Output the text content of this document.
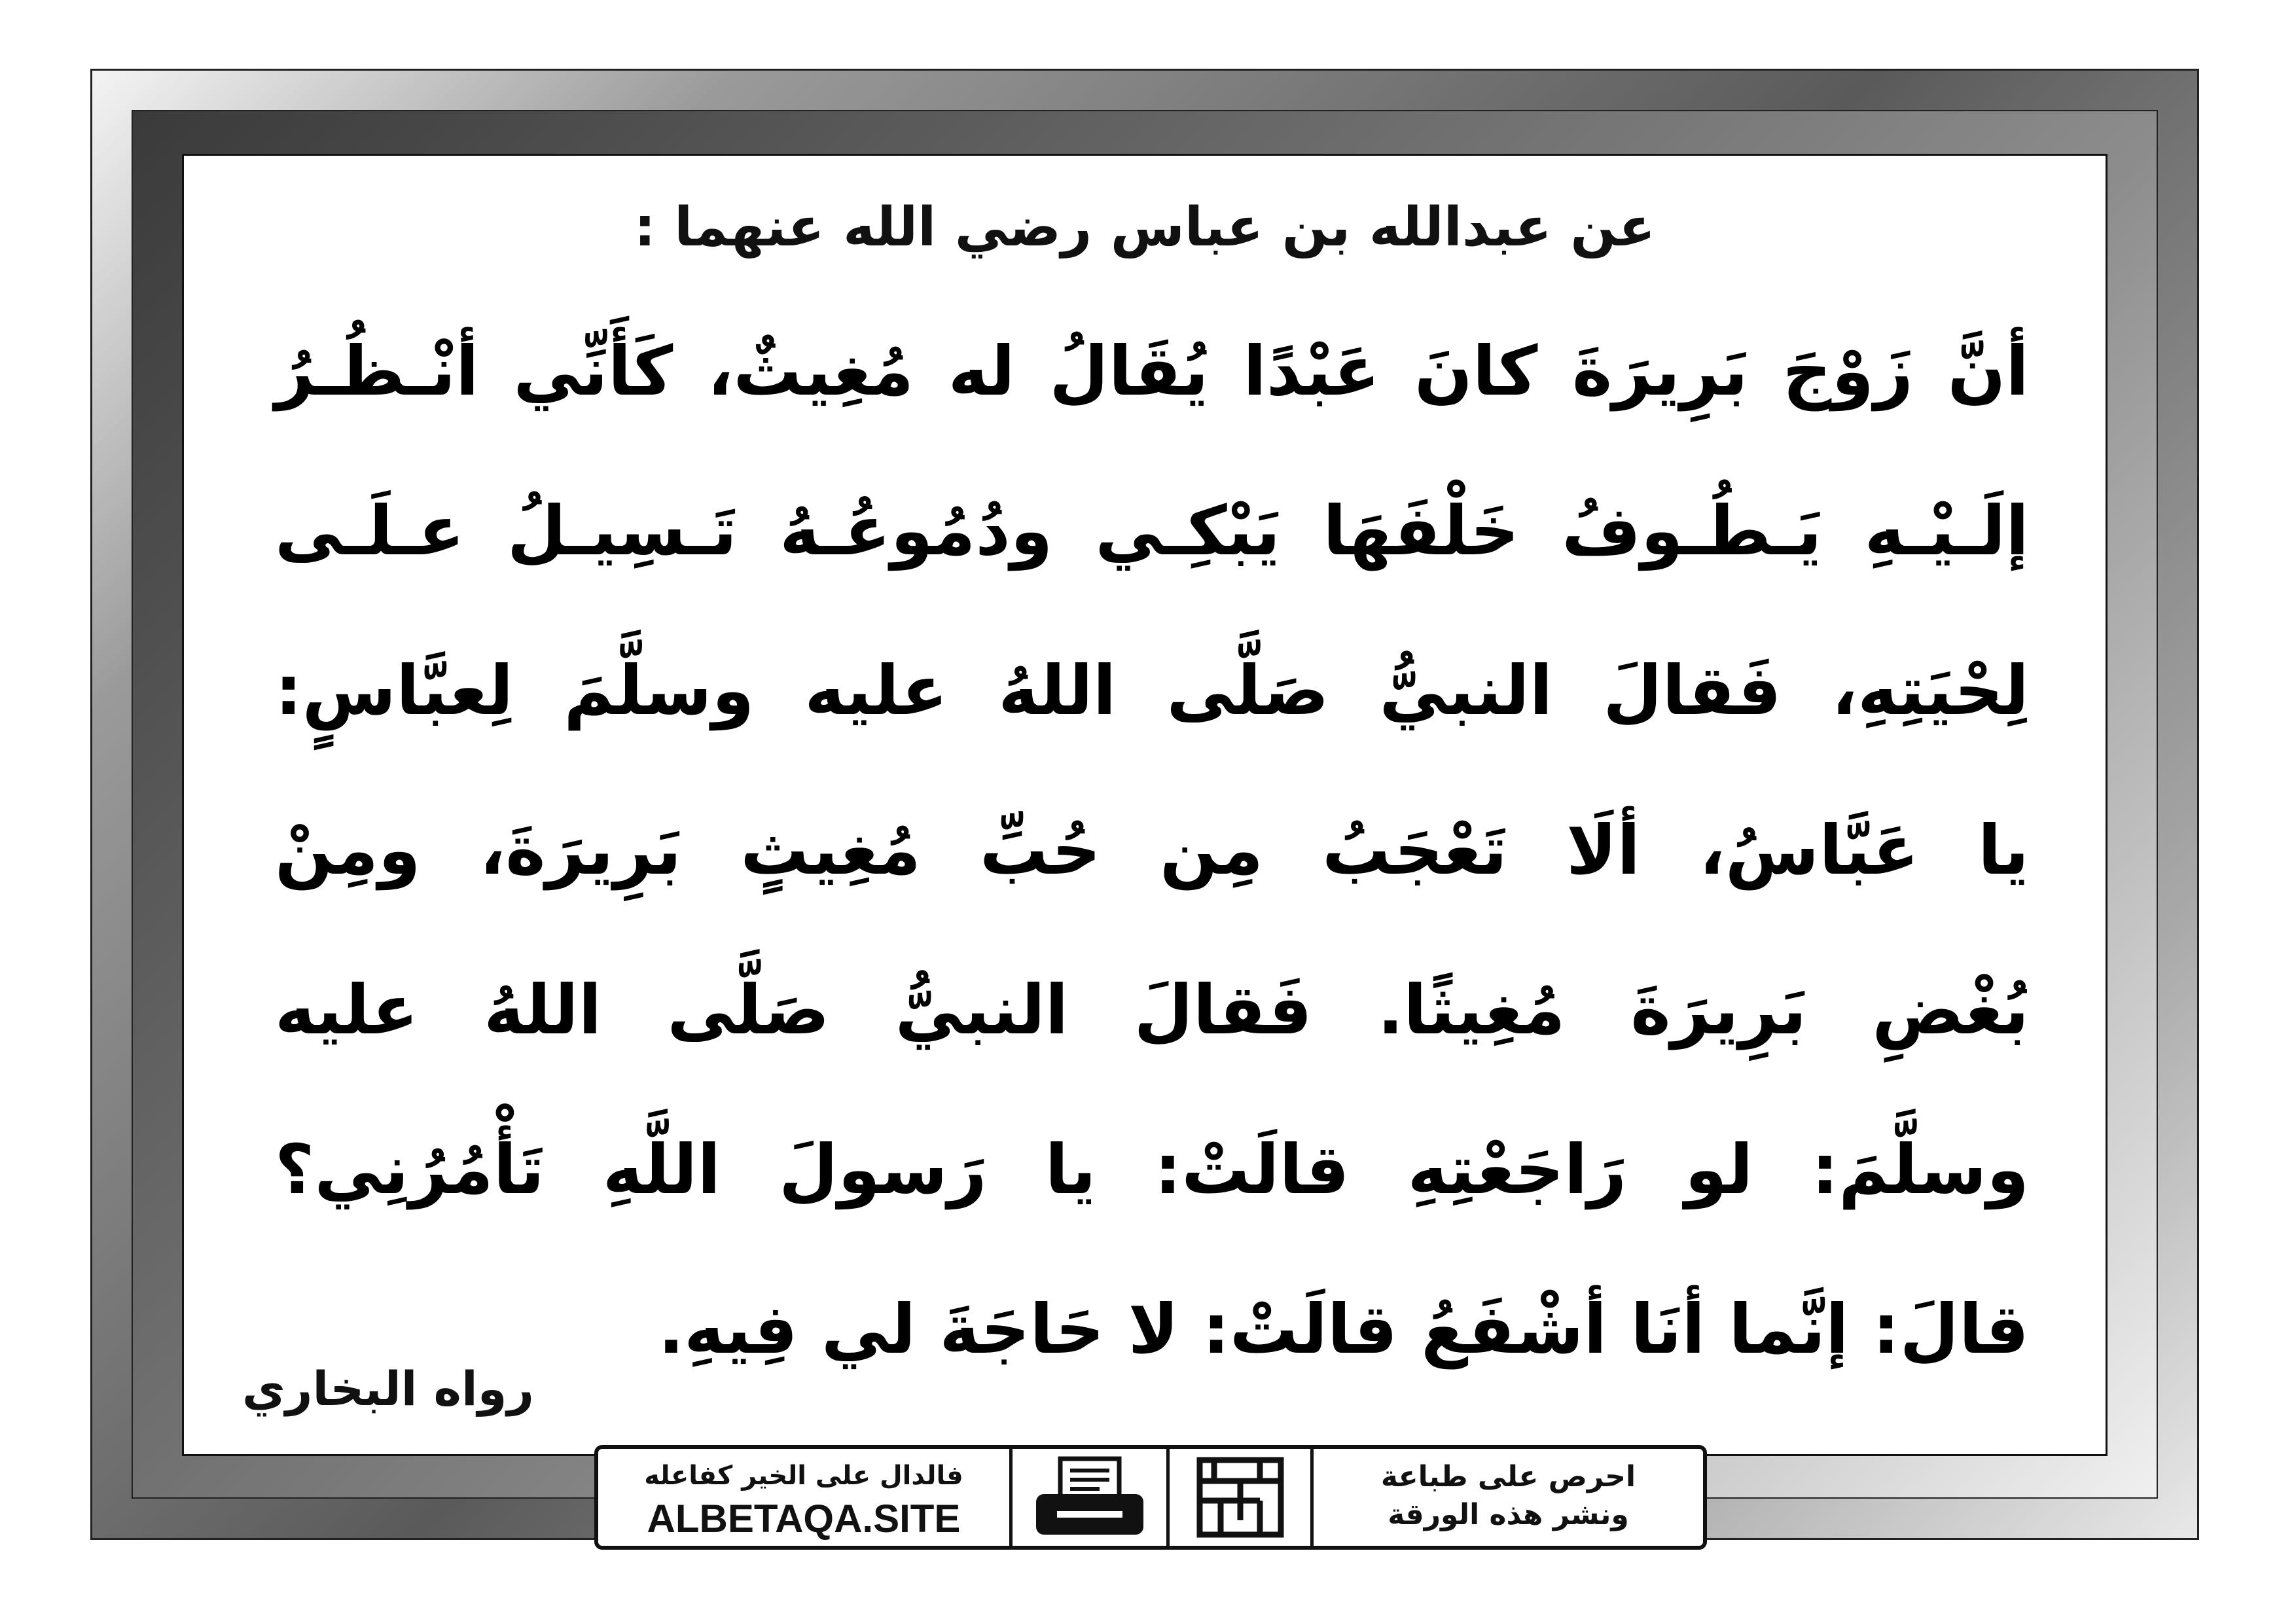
عن عبدالله بن عباس رضي الله عنهما :
أنَّ زَوْجَ بَرِيرَةَ كانَ عَبْدًا يُقَالُ له مُغِيثٌ، كَأَنِّي أنْـظُـرُ
إلَـيْـهِ يَـطُـوفُ خَلْفَهَا يَبْكِـي ودُمُوعُـهُ تَـسِيـلُ عـلَـى
لِحْيَتِهِ، فَقالَ النبيُّ صَلَّى اللهُ عليه وسلَّمَ لِعبَّاسٍ:
يا عَبَّاسُ، ألَا تَعْجَبُ مِن حُبِّ مُغِيثٍ بَرِيرَةَ، ومِنْ
بُغْضِ بَرِيرَةَ مُغِيثًا. فَقالَ النبيُّ صَلَّى اللهُ عليه
وسلَّمَ: لو رَاجَعْتِهِ قالَتْ: يا رَسولَ اللَّهِ تَأْمُرُنِي؟
قالَ: إنَّما أنَا أشْفَعُ قالَتْ: لا حَاجَةَ لي فِيهِ.
رواه البخاري
احرص على طباعة
ونشر هذه الورقة
دعوة الورقة
فالدال على الخير كفاعله
ALBETAQA.SITE
